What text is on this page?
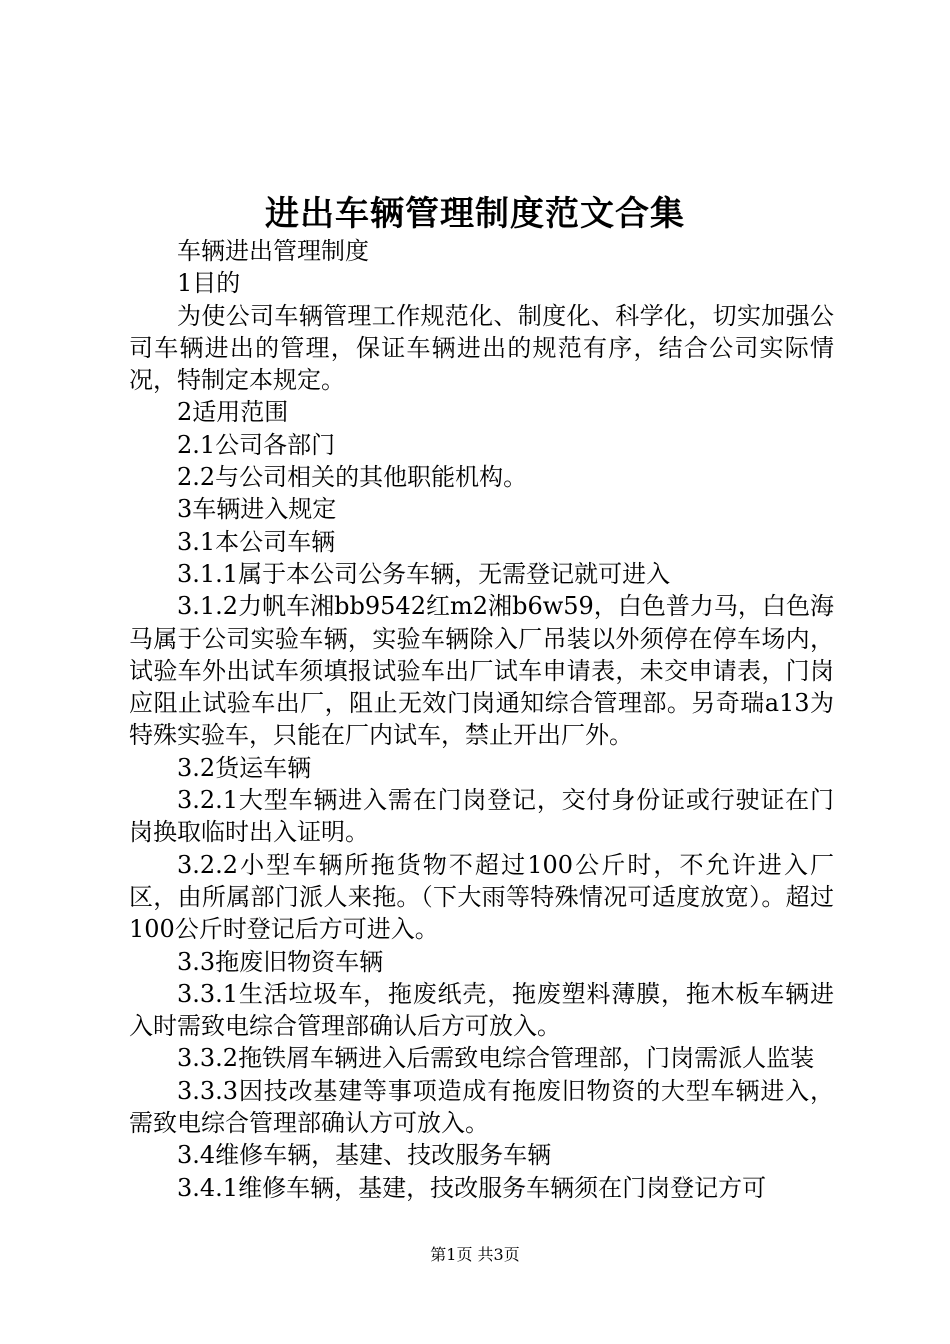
进出车辆管理制度范文合集

车辆进出管理制度

1目的

为使公司车辆管理工作规范化、制度化、科学化，切实加强公司车辆进出的管理，保证车辆进出的规范有序，结合公司实际情况，特制定本规定。

2适用范围

2.1公司各部门

2.2与公司相关的其他职能机构。

3车辆进入规定

3.1本公司车辆

3.1.1属于本公司公务车辆，无需登记就可进入

3.1.2力帆车湘bb9542红m2湘b6w59，白色普力马，白色海马属于公司实验车辆，实验车辆除入厂吊装以外须停在停车场内，试验车外出试车须填报试验车出厂试车申请表，未交申请表，门岗应阻止试验车出厂，阻止无效门岗通知综合管理部。另奇瑞a13为特殊实验车，只能在厂内试车，禁止开出厂外。

3.2货运车辆

3.2.1大型车辆进入需在门岗登记，交付身份证或行驶证在门岗换取临时出入证明。

3.2.2小型车辆所拖货物不超过100公斤时，不允许进入厂区，由所属部门派人来拖。（下大雨等特殊情况可适度放宽）。超过100公斤时登记后方可进入。

3.3拖废旧物资车辆

3.3.1生活垃圾车，拖废纸壳，拖废塑料薄膜，拖木板车辆进入时需致电综合管理部确认后方可放入。

3.3.2拖铁屑车辆进入后需致电综合管理部，门岗需派人监装

3.3.3因技改基建等事项造成有拖废旧物资的大型车辆进入，需致电综合管理部确认方可放入。

3.4维修车辆，基建、技改服务车辆

3.4.1维修车辆，基建，技改服务车辆须在门岗登记方可

第1页 共3页
